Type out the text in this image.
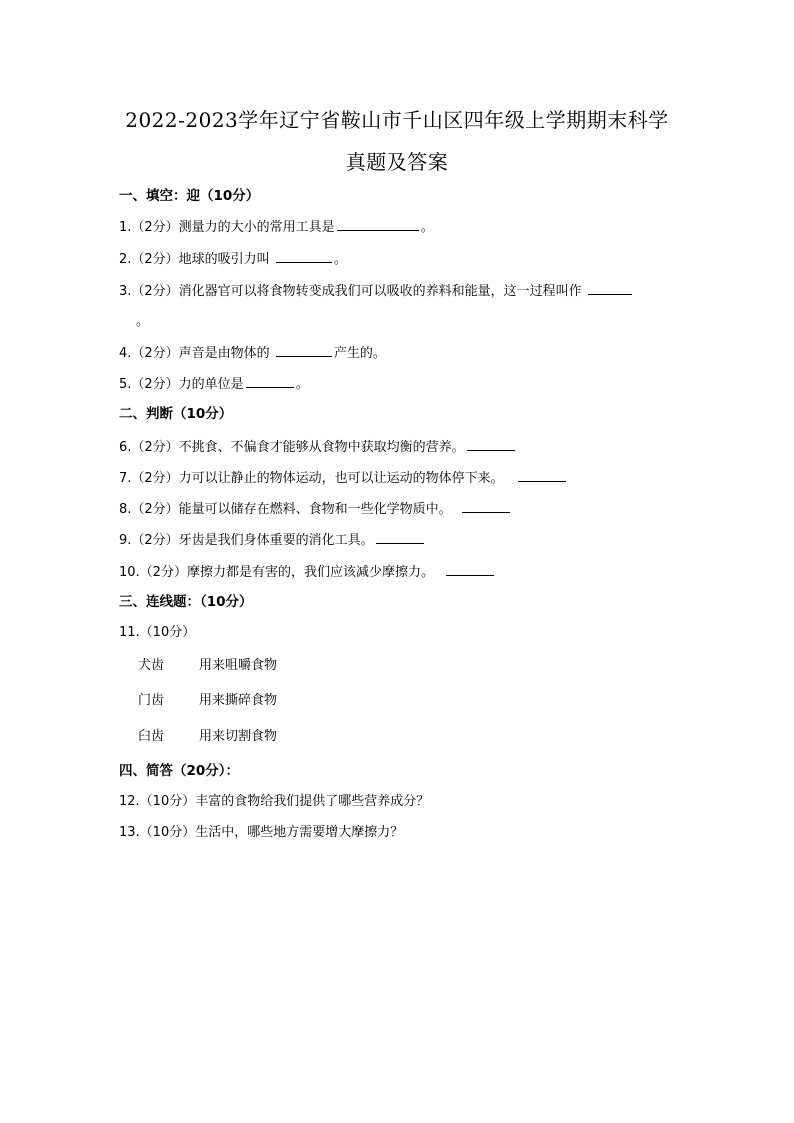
2022-2023学年辽宁省鞍山市千山区四年级上学期期末科学
真题及答案
一、填空：迎（10分）
1.（2分）测量力的大小的常用工具是	。
2.（2分）地球的吸引力叫	。
3.（2分）消化器官可以将食物转变成我们可以吸收的养料和能量，这一过程叫作
。
4.（2分）声音是由物体的	产生的。
5.（2分）力的单位是	。
二、判断（10分）
6.（2分）不挑食、不偏食才能够从食物中获取均衡的营养。
7.（2分）力可以让静止的物体运动，也可以让运动的物体停下来。
8.（2分）能量可以储存在燃料、食物和一些化学物质中。
9.（2分）牙齿是我们身体重要的消化工具。
10.（2分）摩擦力都是有害的，我们应该减少摩擦力。
三、连线题：（10分）
11.（10分）
犬齿	用来咀嚼食物
门齿	用来撕碎食物
臼齿	用来切割食物
四、简答（20分）：
12.（10分）丰富的食物给我们提供了哪些营养成分？
13.（10分）生活中，哪些地方需要增大摩擦力？
